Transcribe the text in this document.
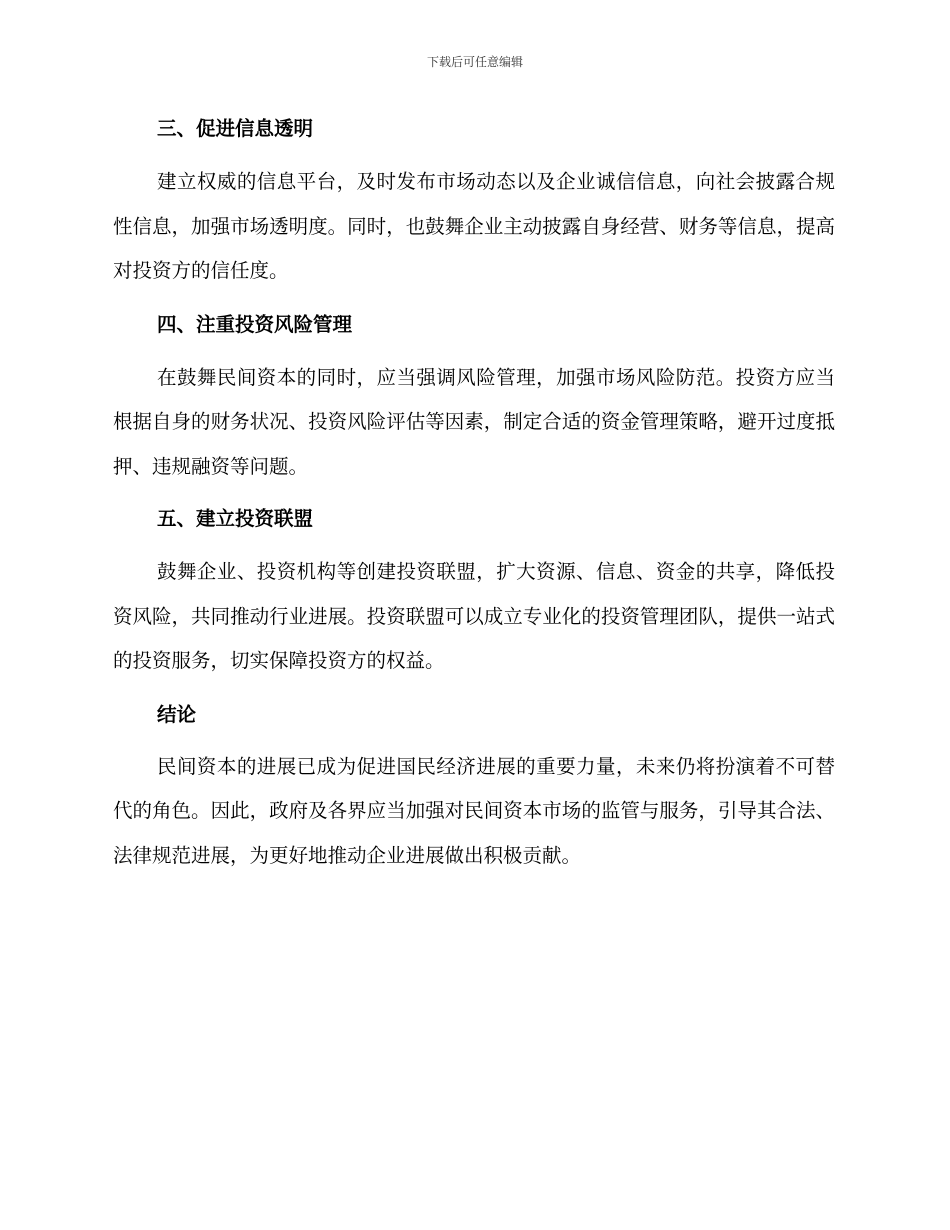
下载后可任意编辑
三、促进信息透明

建立权威的信息平台，及时发布市场动态以及企业诚信信息，向社会披露合规性信息，加强市场透明度。同时，也鼓舞企业主动披露自身经营、财务等信息，提高对投资方的信任度。

四、注重投资风险管理

在鼓舞民间资本的同时，应当强调风险管理，加强市场风险防范。投资方应当根据自身的财务状况、投资风险评估等因素，制定合适的资金管理策略，避开过度抵押、违规融资等问题。

五、建立投资联盟

鼓舞企业、投资机构等创建投资联盟，扩大资源、信息、资金的共享，降低投资风险，共同推动行业进展。投资联盟可以成立专业化的投资管理团队，提供一站式的投资服务，切实保障投资方的权益。

结论

民间资本的进展已成为促进国民经济进展的重要力量，未来仍将扮演着不可替代的角色。因此，政府及各界应当加强对民间资本市场的监管与服务，引导其合法、法律规范进展，为更好地推动企业进展做出积极贡献。
